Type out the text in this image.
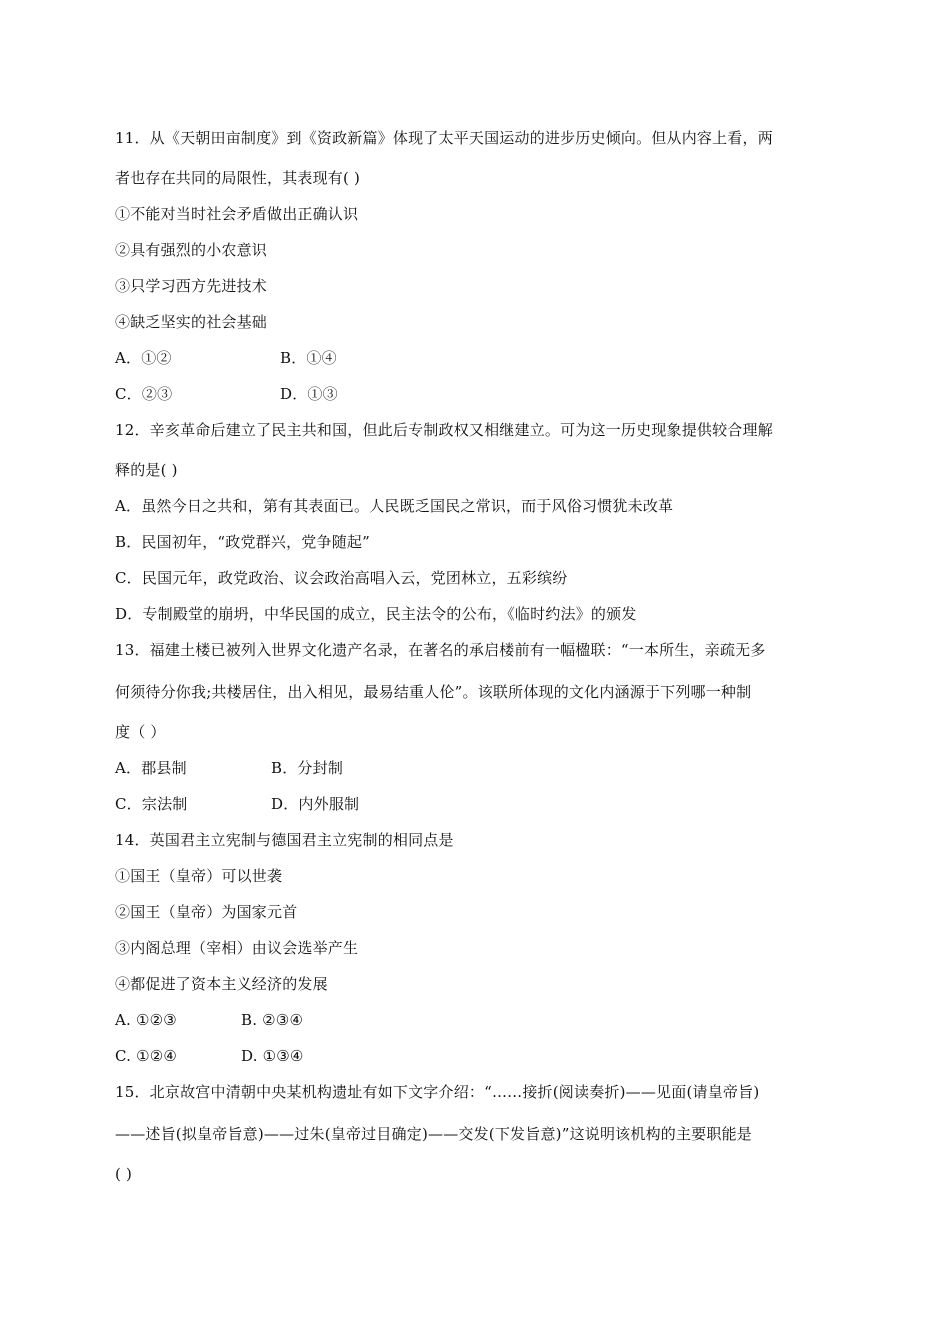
11．从《天朝田亩制度》到《资政新篇》体现了太平天国运动的进步历史倾向。但从内容上看，两
者也存在共同的局限性，其表现有( )
①不能对当时社会矛盾做出正确认识
②具有强烈的小农意识
③只学习西方先进技术
④缺乏坚实的社会基础
A．①②	B．①④
C．②③	D．①③
12．辛亥革命后建立了民主共和国，但此后专制政权又相继建立。可为这一历史现象提供较合理解
释的是( )
A．虽然今日之共和，第有其表面已。人民既乏国民之常识，而于风俗习惯犹未改革
B．民国初年，“政党群兴，党争随起”
C．民国元年，政党政治、议会政治高唱入云，党团林立，五彩缤纷
D．专制殿堂的崩坍，中华民国的成立，民主法令的公布，《临时约法》的颁发
13．福建土楼已被列入世界文化遗产名录，在著名的承启楼前有一幅楹联：“一本所生，亲疏无多
何须待分你我;共楼居住，出入相见，最易结重人伦”。该联所体现的文化内涵源于下列哪一种制
度（ ）
A．郡县制	B．分封制
C．宗法制	D．内外服制
14．英国君主立宪制与德国君主立宪制的相同点是
①国王（皇帝）可以世袭
②国王（皇帝）为国家元首
③内阁总理（宰相）由议会选举产生
④都促进了资本主义经济的发展
A. ①②③	B. ②③④
C. ①②④	D. ①③④
15．北京故宫中清朝中央某机构遗址有如下文字介绍：“……接折(阅读奏折)——见面(请皇帝旨)
——述旨(拟皇帝旨意)——过朱(皇帝过目确定)——交发(下发旨意)”这说明该机构的主要职能是
( )
